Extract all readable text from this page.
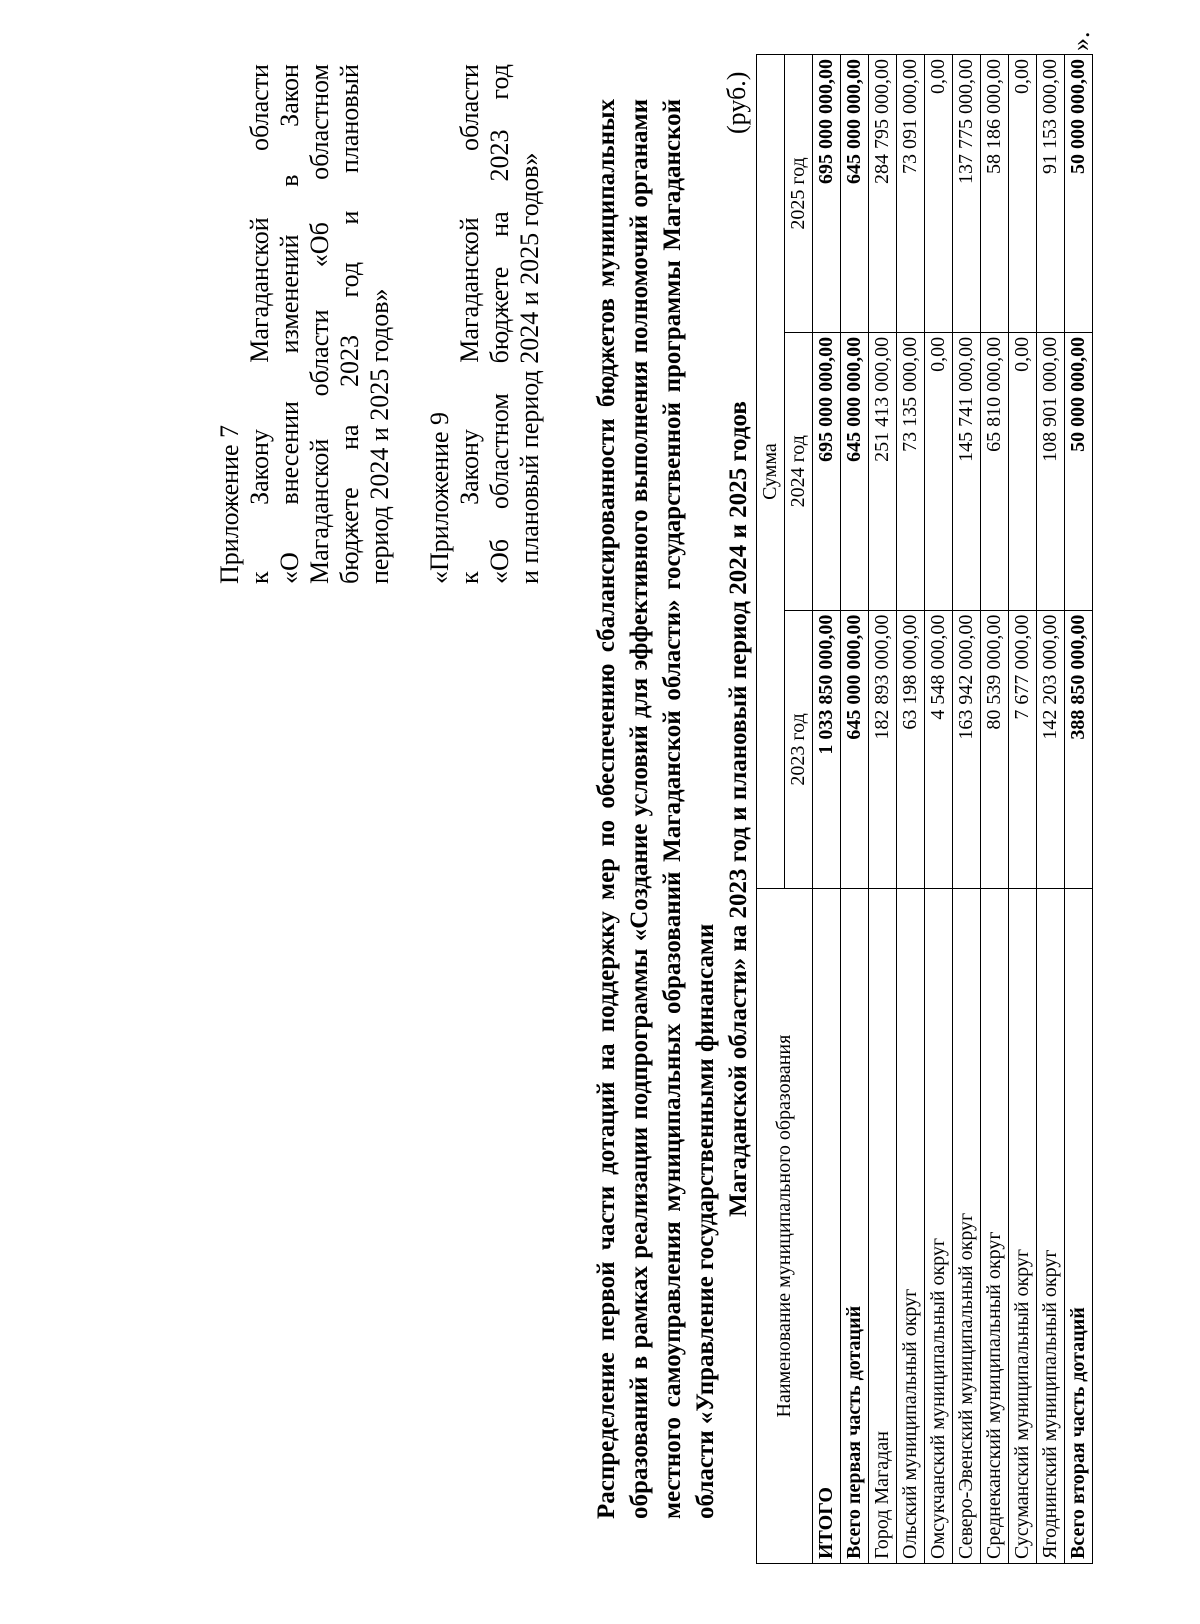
Приложение 7 к
Закону
Магаданской
области
«О
внесении
изменений
в
Закон
Магаданской
области
«Об
областном
бюджете
на
2023
год
и
плановый
период 2024 и 2025 годов» «Приложение 9 к
Закону
Магаданской
области
«Об
областном
бюджете
на
2023
год
и плановый период 2024 и 2025 годов» Распределение первой части дотаций на поддержку мер по обеспечению сбалансированности бюджетов муниципальных образований в рамках реализации подпрограммы «Создание условий для эффективного выполнения полномочий органами местного самоуправления муниципальных образований Магаданской области» государственной программы Магаданской области «Управление государственными финансами
Магаданской области» на 2023 год и плановый период 2024 и 2025 годов
(руб.)
Наименование муниципального образования	Сумма		
	2023 год	2024 год	2025 год
ИТОГО	1 033 850 000,00	695 000 000,00	695 000 000,00
Всего первая часть дотаций	645 000 000,00	645 000 000,00	645 000 000,00
Город Магадан	182 893 000,00	251 413 000,00	284 795 000,00
Ольский муниципальный округ	63 198 000,00	73 135 000,00	73 091 000,00
Омсукчанский муниципальный округ	4 548 000,00	0,00	0,00
Северо-Эвенский муниципальный округ	163 942 000,00	145 741 000,00	137 775 000,00
Среднеканский муниципальный округ	80 539 000,00	65 810 000,00	58 186 000,00
Сусуманский муниципальный округ	7 677 000,00	0,00	0,00
Ягоднинский муниципальный округ	142 203 000,00	108 901 000,00	91 153 000,00
Всего вторая часть дотаций	388 850 000,00	50 000 000,00	50 000 000,00
».
